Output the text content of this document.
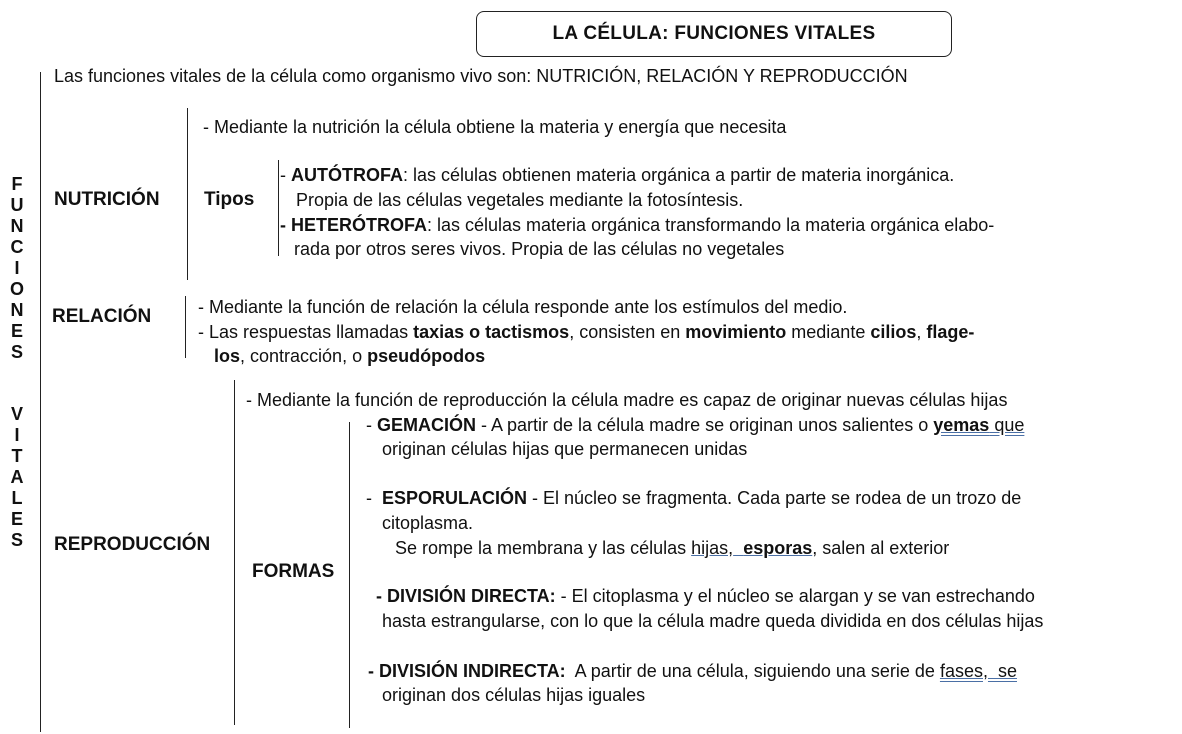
LA CÉLULA: FUNCIONES VITALES
F
U
N
C
I
O
N
E
S
V
I
T
A
L
E
S
Las funciones vitales de la célula como organismo vivo son: NUTRICIÓN, RELACIÓN Y REPRODUCCIÓN
NUTRICIÓN
- Mediante la nutrición la célula obtiene la materia y energía que necesita
Tipos
- AUTÓTROFA: las células obtienen materia orgánica a partir de materia inorgánica.
Propia de las células vegetales mediante la fotosíntesis.
- HETERÓTROFA: las células materia orgánica transformando la materia orgánica elabo-
rada por otros seres vivos. Propia de las células no vegetales
RELACIÓN	- Mediante la función de relación la célula responde ante los estímulos del medio.
- Las respuestas llamadas taxias o tactismos, consisten en movimiento mediante cilios, flage-
los, contracción, o pseudópodos
REPRODUCCIÓN
- Mediante la función de reproducción la célula madre es capaz de originar nuevas células hijas
FORMAS
- GEMACIÓN - A partir de la célula madre se originan unos salientes o yemas que
originan células hijas que permanecen unidas
-  ESPORULACIÓN - El núcleo se fragmenta. Cada parte se rodea de un trozo de
citoplasma.
Se rompe la membrana y las células hijas, esporas, salen al exterior
- DIVISIÓN DIRECTA: - El citoplasma y el núcleo se alargan y se van estrechando
hasta estrangularse, con lo que la célula madre queda dividida en dos células hijas
- DIVISIÓN INDIRECTA:  A partir de una célula, siguiendo una serie de fases,  se
originan dos células hijas iguales
